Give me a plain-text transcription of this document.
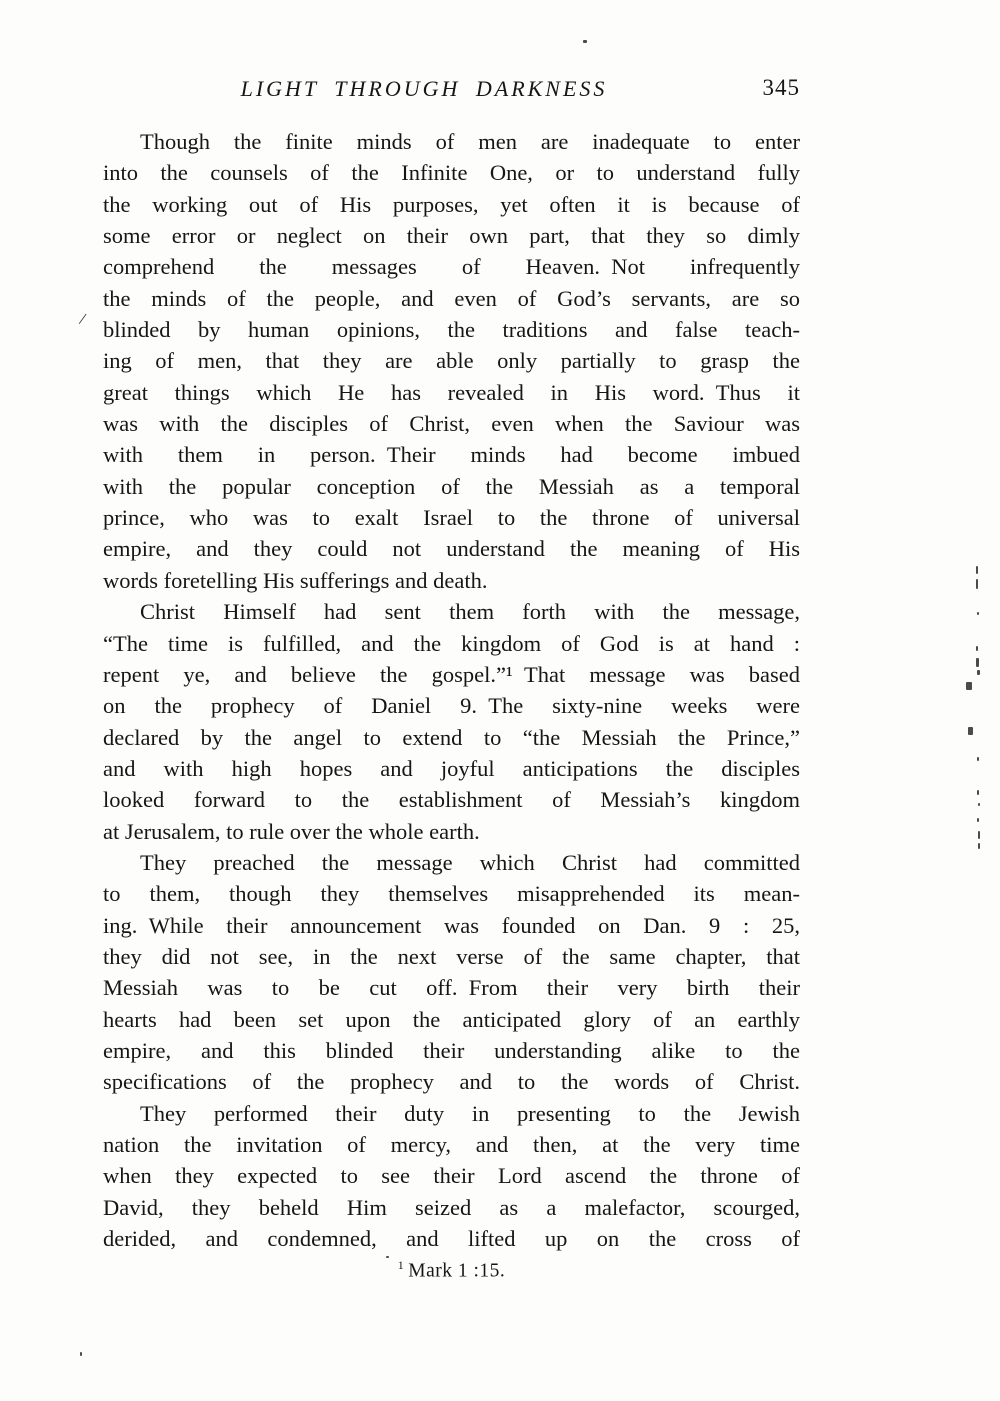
LIGHT THROUGH DARKNESS	345
Though the finite minds of men are inadequate to enter
into the counsels of the Infinite One, or to understand fully
the working out of His purposes, yet often it is because of
some error or neglect on their own part, that they so dimly
comprehend the messages of Heaven. Not infrequently
the minds of the people, and even of God’s servants, are so
blinded by human opinions, the traditions and false teach-
ing of men, that they are able only partially to grasp the
great things which He has revealed in His word. Thus it
was with the disciples of Christ, even when the Saviour was
with them in person. Their minds had become imbued
with the popular conception of the Messiah as a temporal
prince, who was to exalt Israel to the throne of universal
empire, and they could not understand the meaning of His
words foretelling His sufferings and death.
Christ Himself had sent them forth with the message,
“The time is fulfilled, and the kingdom of God is at hand :
repent ye, and believe the gospel.”¹ That message was based
on the prophecy of Daniel 9. The sixty-nine weeks were
declared by the angel to extend to “the Messiah the Prince,”
and with high hopes and joyful anticipations the disciples
looked forward to the establishment of Messiah’s kingdom
at Jerusalem, to rule over the whole earth.
They preached the message which Christ had committed
to them, though they themselves misapprehended its mean-
ing. While their announcement was founded on Dan. 9 : 25,
they did not see, in the next verse of the same chapter, that
Messiah was to be cut off. From their very birth their
hearts had been set upon the anticipated glory of an earthly
empire, and this blinded their understanding alike to the
specifications of the prophecy and to the words of Christ.
They performed their duty in presenting to the Jewish
nation the invitation of mercy, and then, at the very time
when they expected to see their Lord ascend the throne of
David, they beheld Him seized as a malefactor, scourged,
derided, and condemned, and lifted up on the cross of
$^1$ Mark 1 :15.
/
